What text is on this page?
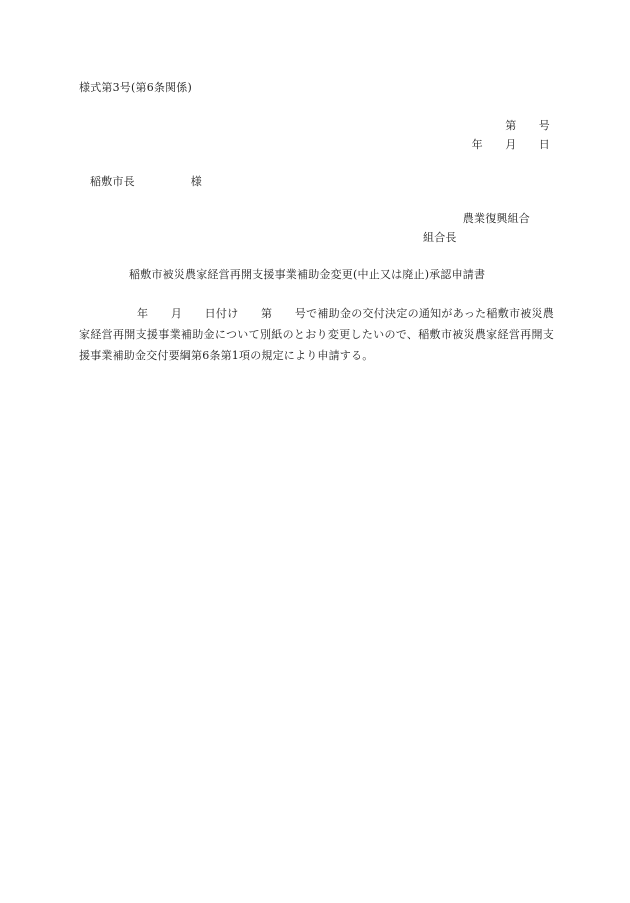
様式第3号(第6条関係)
第　　号
年　　月　　日
稲敷市長　　　　　様
農業復興組合
組合長
稲敷市被災農家経営再開支援事業補助金変更(中止又は廃止)承認申請書
年　　月　　日付け　　第　　号で補助金の交付決定の通知があった稲敷市被災農家経営再開支援事業補助金について別紙のとおり変更したいので、稲敷市被災農家経営再開支援事業補助金交付要綱第6条第1項の規定により申請する。
